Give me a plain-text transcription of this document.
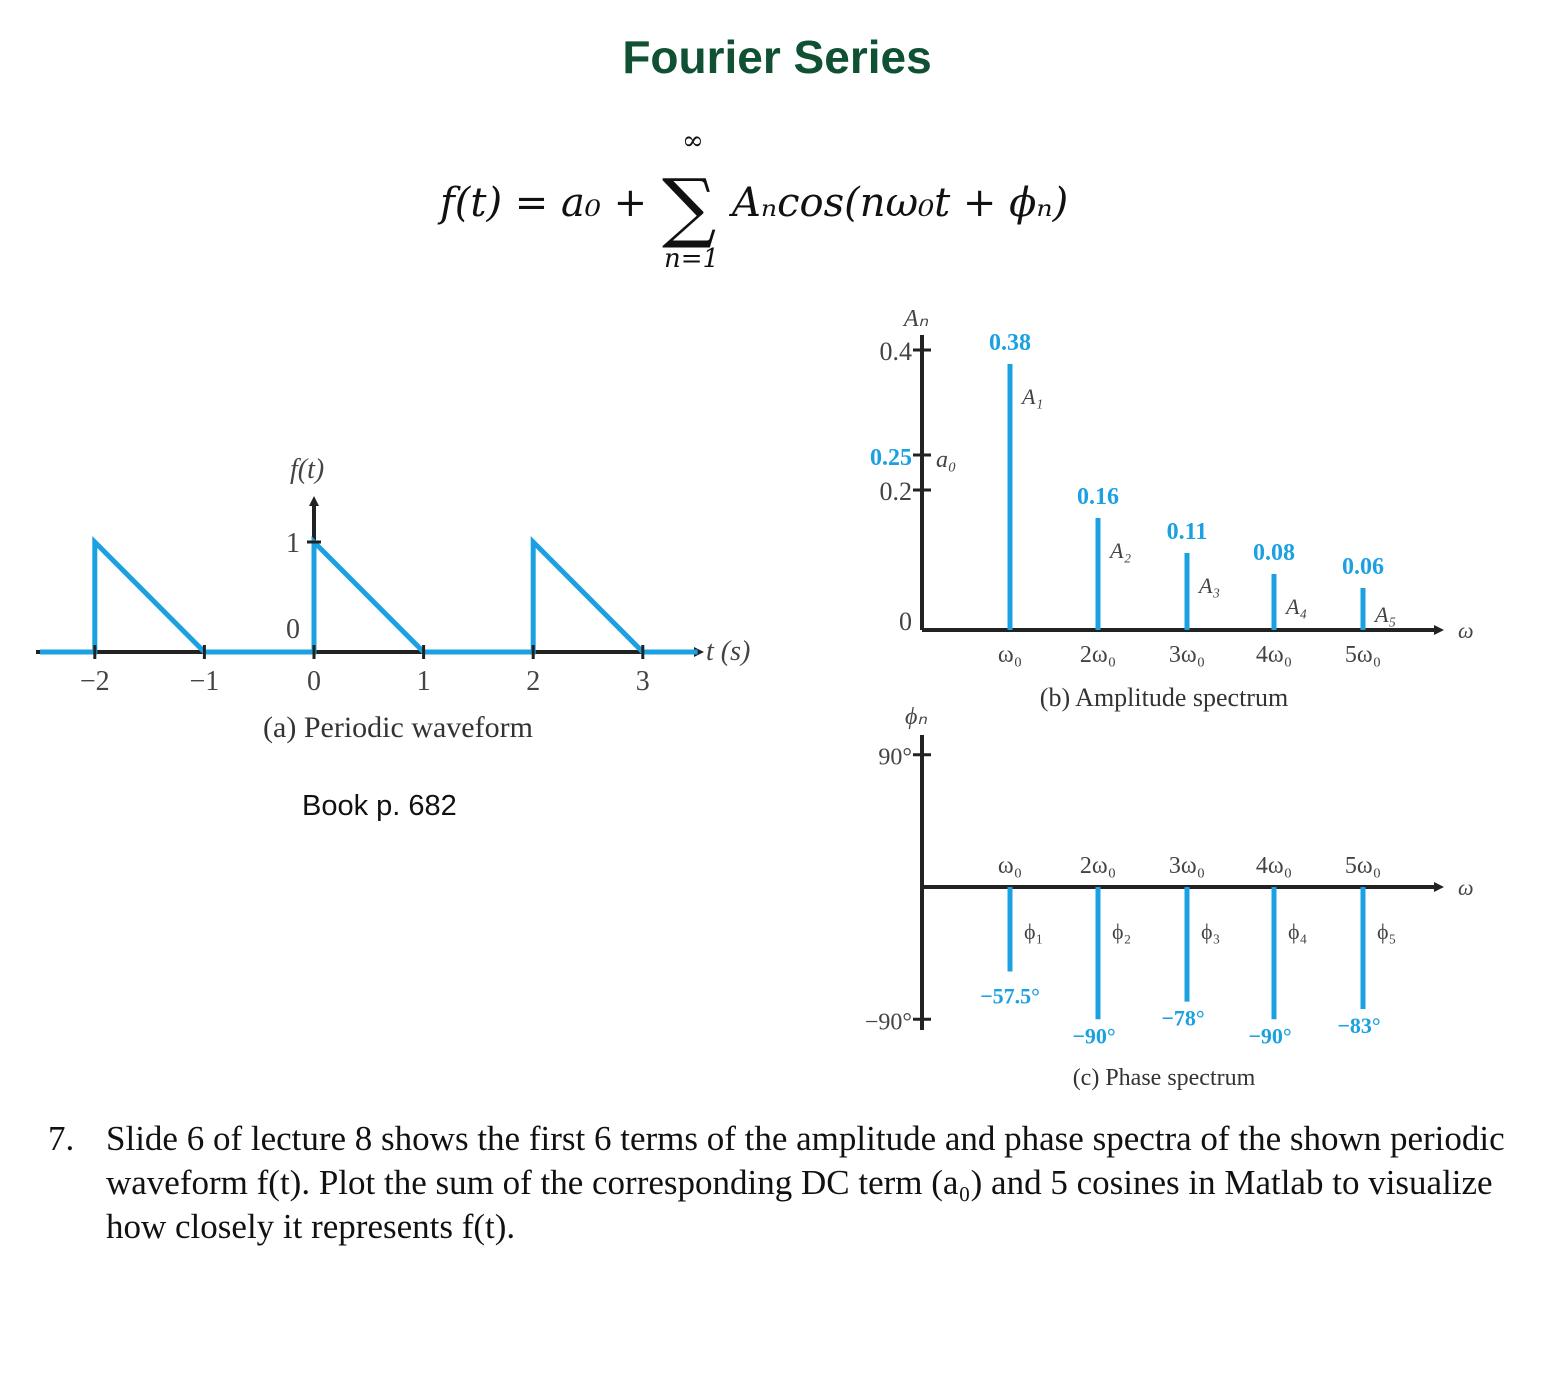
Fourier Series
f(t) = a₀ +
∞
∑
n=1
Aₙcos(nω₀t + ϕₙ)
f(t)
t (s)
−2	−1	0	1	2	3
0
1
(a) Periodic waveform
Aₙ
ω
0
0.2
0.4
0.25 a₀
0.38
A₁
ω₀
0.16
A₂
2ω₀
0.11
A₃
3ω₀
0.08
A₄
4ω₀
0.06
A₅
5ω₀
(b) Amplitude spectrum
ϕₙ
ω
90°
−90°
−57.5°
ϕ₁
ω₀
−90°
ϕ₂
2ω₀
−78°
ϕ₃
3ω₀
−90°
ϕ₄
4ω₀
−83°
ϕ₅
5ω₀
(c) Phase spectrum
Book p. 682
7. Slide 6 of lecture 8 shows the first 6 terms of the amplitude and phase spectra of the shown periodic waveform f(t). Plot the sum of the corresponding DC term (a₀) and 5 cosines in Matlab to visualize how closely it represents f(t).
